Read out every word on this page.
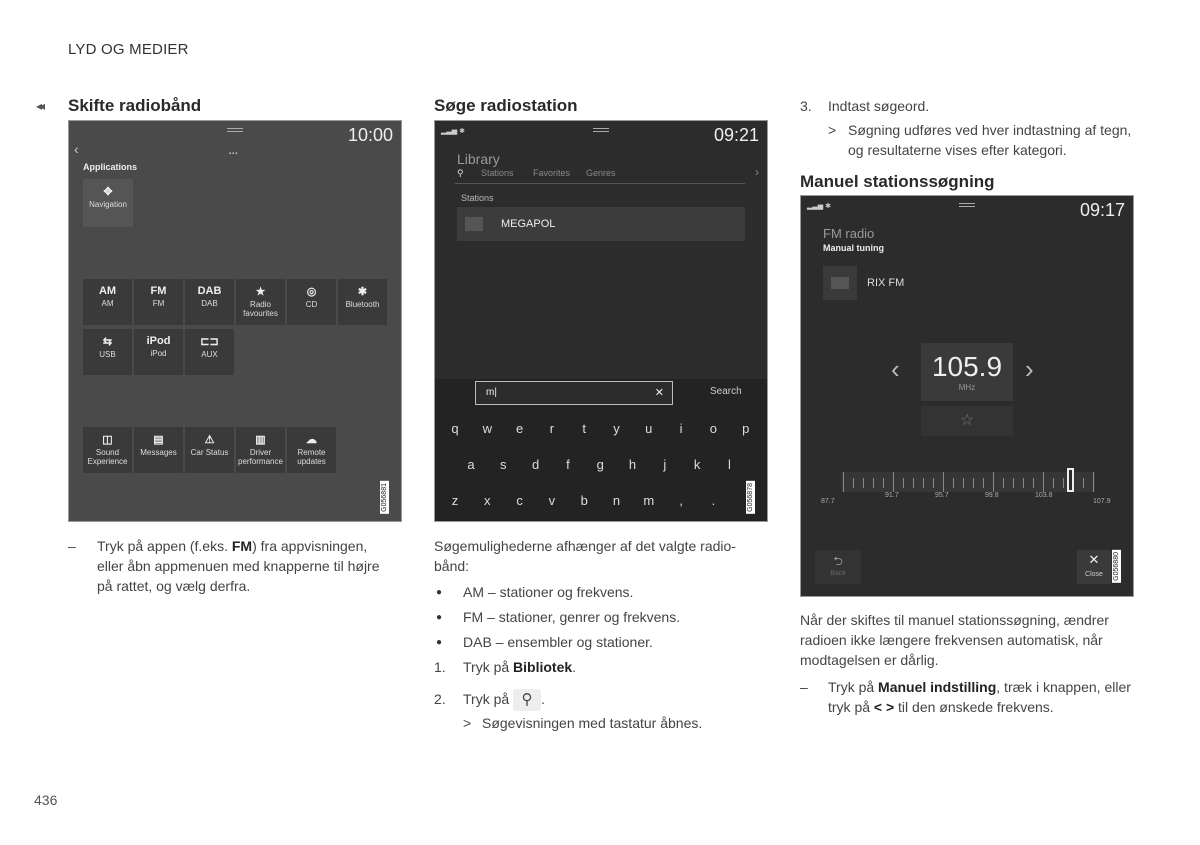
LYD OG MEDIER
436
◂◂ Skifte radiobånd
10:00
‹	▪▪▪
Applications
✥
Navigation
AM
AM
FM
FM
DAB
DAB
★
Radio favourites
◎
CD
✱
Bluetooth
⇆
USB
iPod
iPod
⊏⊐
AUX
◫
Sound Experience
▤
Messages
⚠
Car Status
▥
Driver performance
☁
Remote updates
G056881
– Tryk på appen (f.eks. FM) fra appvisningen, eller åbn appmenuen med knapperne til højre på rattet, og vælg derfra.
Søge radiostation
▂▃▅ ✱	09:21
Library
⚲ Stations Favorites Genres	›
Stations
MEGAPOL
m|	✕	Search
q	w	e	r	t	y	u	i	o	p
a	s	d	f	g	h	j	k	l
z	x	c	v	b	n	m	,	.	G056878
Søgemulighederne afhænger af det valgte radio-bånd:
● AM – stationer og frekvens.
● FM – stationer, genrer og frekvens.
● DAB – ensembler og stationer.
1. Tryk på Bibliotek.
2. Tryk på ⚲ .
> Søgevisningen med tastatur åbnes.
3. Indtast søgeord.
> Søgning udføres ved hver indtastning af tegn, og resultaterne vises efter kategori.
Manuel stationssøgning
▂▃▅ ✱	09:17
FM radio
Manual tuning
RIX FM
‹	105.9
MHz
›
☆
87.7
91.7	95.7	99.8	103.8
107.9
⮌
Back
✕
Close	G056880
Når der skiftes til manuel stationssøgning, ændrer radioen ikke længere frekvensen automatisk, når modtagelsen er dårlig.
– Tryk på Manuel indstilling, træk i knappen, eller tryk på < > til den ønskede frekvens.
